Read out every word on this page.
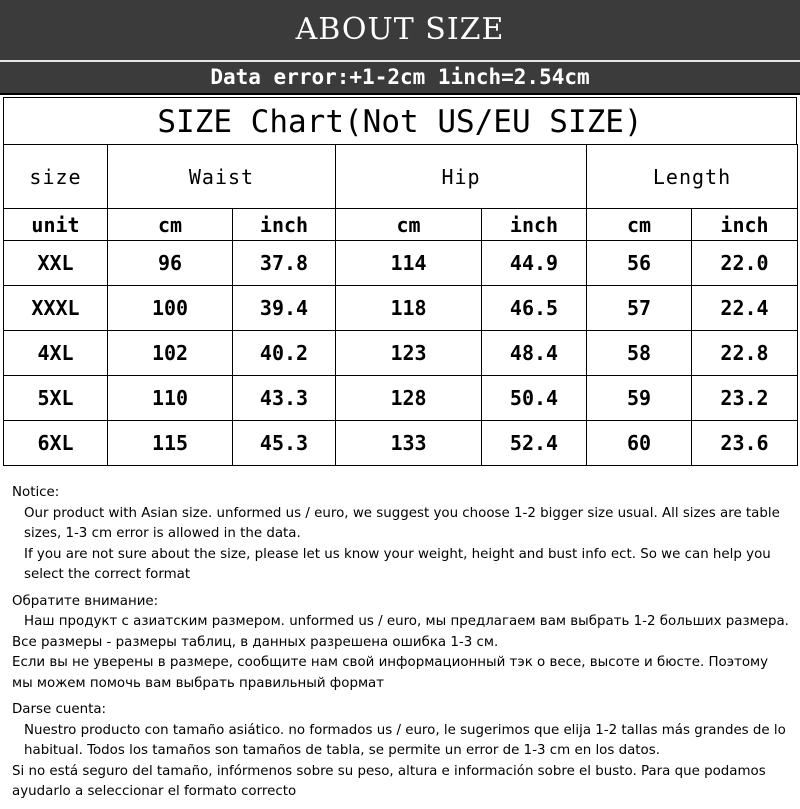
ABOUT SIZE
Data error:+1-2cm 1inch=2.54cm
SIZE Chart(Not US/EU SIZE)
size	Waist		Hip		Length	
unit	cm	inch	cm	inch	cm	inch
XXL	96	37.8	114	44.9	56	22.0
XXXL	100	39.4	118	46.5	57	22.4
4XL	102	40.2	123	48.4	58	22.8
5XL	110	43.3	128	50.4	59	23.2
6XL	115	45.3	133	52.4	60	23.6

Notice:

Our product with Asian size. unformed us / euro, we suggest you choose 1-2 bigger size usual. All sizes are table sizes, 1-3 cm error is allowed in the data.

If you are not sure about the size, please let us know your weight, height and bust info ect. So we can help you select the correct format

Обратите внимание:

Наш продукт с азиатским размером. unformed us / euro, мы предлагаем вам выбрать 1-2 больших размера.

Все размеры - размеры таблиц, в данных разрешена ошибка 1-3 см.

Если вы не уверены в размере, сообщите нам свой информационный тэк о весе, высоте и бюсте. Поэтому мы можем помочь вам выбрать правильный формат

Darse cuenta:

Nuestro producto con tamaño asiático. no formados us / euro, le sugerimos que elija 1-2 tallas más grandes de lo habitual. Todos los tamaños son tamaños de tabla, se permite un error de 1-3 cm en los datos.

Si no está seguro del tamaño, infórmenos sobre su peso, altura e información sobre el busto. Para que podamos ayudarlo a seleccionar el formato correcto
